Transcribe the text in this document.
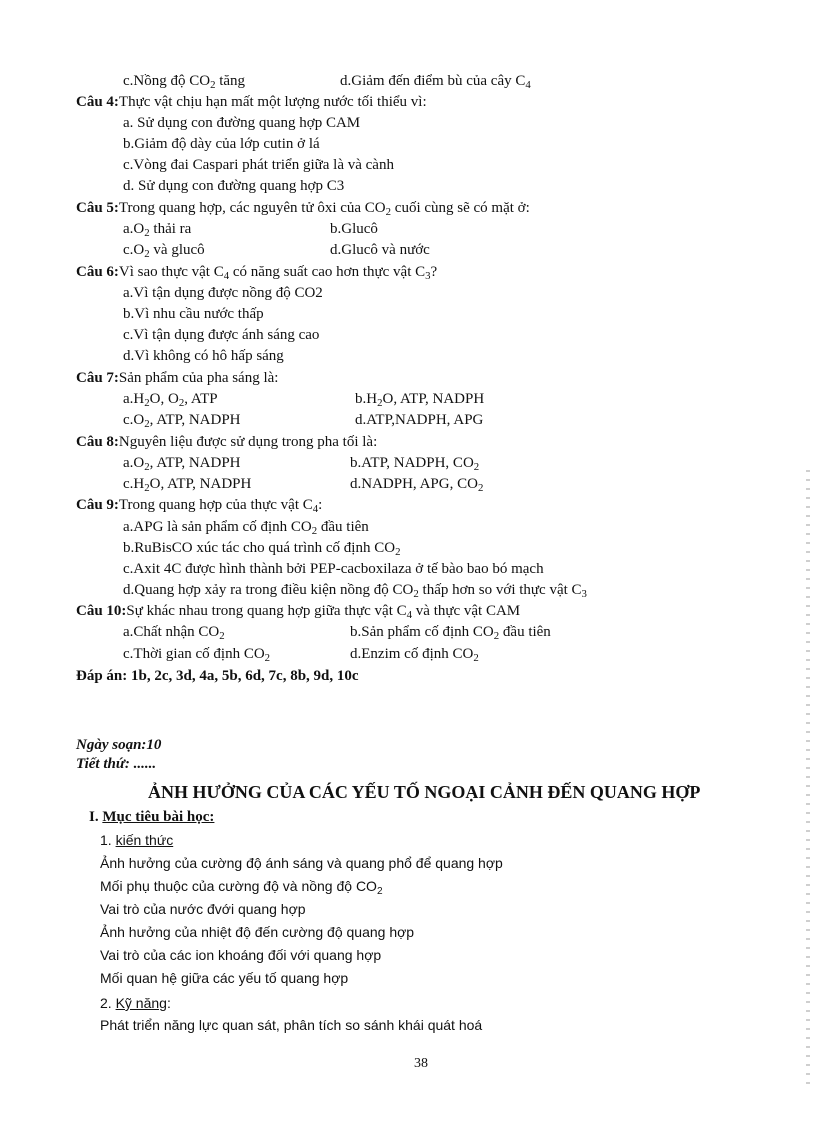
c.Nồng độ $CO_2$ tăng	d.Giảm đến điểm bù của cây $C_4$
Câu 4:Thực vật chịu hạn mất một lượng nước tối thiểu vì:
a. Sử dụng con đường quang hợp CAM
b.Giảm độ dày của lớp cutin ở lá
c.Vòng đai Caspari phát triển giữa là và cành
d. Sử dụng con đường quang hợp C3
Câu 5:Trong quang hợp, các nguyên tử ôxi của $CO_2$ cuối cùng sẽ có mặt ở:
$a.O_2$ thải ra	b.Glucô
$c.O_2$ và glucô	d.Glucô và nước
Câu 6:Vì sao thực vật $C_4$ có năng suất cao hơn thực vật $C_3$?
a.Vì tận dụng được nồng độ CO2
b.Vì nhu cầu nước thấp
c.Vì tận dụng được ánh sáng cao
d.Vì không có hô hấp sáng
Câu 7:Sản phẩm của pha sáng là:
$a.H_2O$, $O_2$, ATP	$b.H_2O$, ATP, NADPH
$c.O_2$, ATP, NADPH	d.ATP,NADPH, APG
Câu 8:Nguyên liệu được sử dụng trong pha tối là:
$a.O_2$, ATP, NADPH	b.ATP, NADPH, $CO_2$
$c.H_2O$, ATP, NADPH	d.NADPH, APG, $CO_2$
Câu 9:Trong quang hợp của thực vật $C_4$:
a.APG là sản phẩm cố định $CO_2$ đầu tiên
b.RuBisCO xúc tác cho quá trình cố định $CO_2$
c.Axit 4C được hình thành bởi PEP-cacboxilaza ở tế bào bao bó mạch
d.Quang hợp xảy ra trong điều kiện nồng độ $CO_2$ thấp hơn so với thực vật $C_3$
Câu 10:Sự khác nhau trong quang hợp giữa thực vật $C_4$ và thực vật CAM
a.Chất nhận $CO_2$	b.Sản phẩm cố định $CO_2$ đầu tiên
c.Thời gian cố định $CO_2$	d.Enzim cố định $CO_2$
Đáp án: 1b, 2c, 3d, 4a, 5b, 6d, 7c, 8b, 9d, 10c
Ngày soạn:10
Tiết thứ: ......
ẢNH HƯỞNG CỦA CÁC YẾU TỐ NGOẠI CẢNH ĐẾN QUANG HỢP
I. Mục tiêu bài học:
1. kiến thức
Ảnh hưởng của cường độ ánh sáng và quang phổ để quang hợp
Mối phụ thuộc của cường độ và nồng độ $CO_2$
Vai trò của nước đvới quang hợp
Ảnh hưởng của nhiệt độ đến cường độ quang hợp
Vai trò của các ion khoáng đối với quang hợp
Mối quan hệ giữa các yếu tố quang hợp
2. Kỹ năng:
Phát triển năng lực quan sát, phân tích so sánh khái quát hoá
38
